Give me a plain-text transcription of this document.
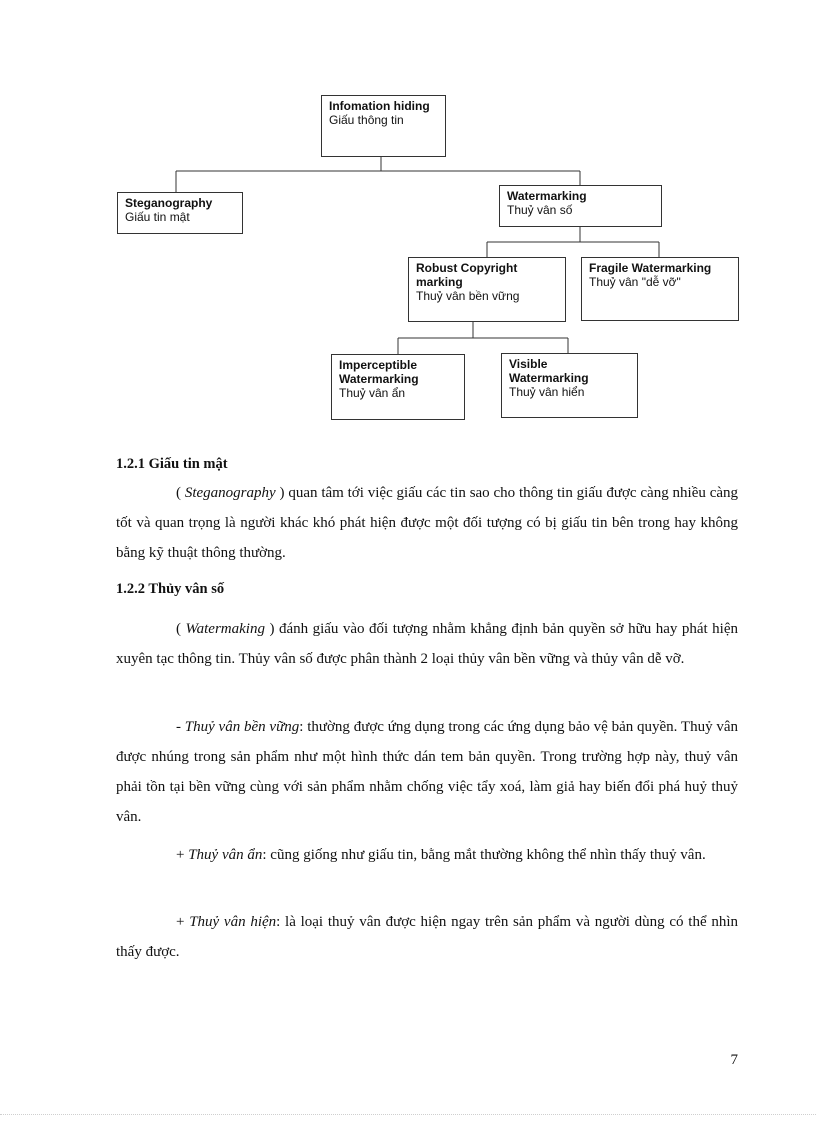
Infomation hiding
Giấu thông tin
Steganography
Giấu tin mật
Watermarking
Thuỷ vân số
Robust Copyright marking
Thuỷ vân bền vững
Fragile Watermarking
Thuỷ vân "dễ vỡ"
Imperceptible Watermarking
Thuỷ vân ẩn
Visible Watermarking
Thuỷ vân hiển
1.2.1 Giấu tin mật

( Steganography ) quan tâm tới việc giấu các tin sao cho thông tin giấu được càng nhiều càng tốt và quan trọng là người khác khó phát hiện được một đối tượng có bị giấu tin bên trong hay không bằng kỹ thuật thông thường.

1.2.2 Thủy vân số

( Watermaking ) đánh giấu vào đối tượng nhằm khẳng định bản quyền sở hữu hay phát hiện xuyên tạc thông tin. Thủy vân số được phân thành 2 loại thủy vân bền vững và thủy vân dễ vỡ.

- Thuỷ vân bền vững: thường được ứng dụng trong các ứng dụng bảo vệ bản quyền. Thuỷ vân được nhúng trong sản phẩm như một hình thức dán tem bản quyền. Trong trường hợp này, thuỷ vân phải tồn tại bền vững cùng với sản phẩm nhằm chống việc tẩy xoá, làm giả hay biến đổi phá huỷ thuỷ vân.

+ Thuỷ vân ẩn: cũng giống như giấu tin, bằng mắt thường không thể nhìn thấy thuỷ vân.

+ Thuỷ vân hiện: là loại thuỷ vân được hiện ngay trên sản phẩm và người dùng có thể nhìn thấy được.

7
